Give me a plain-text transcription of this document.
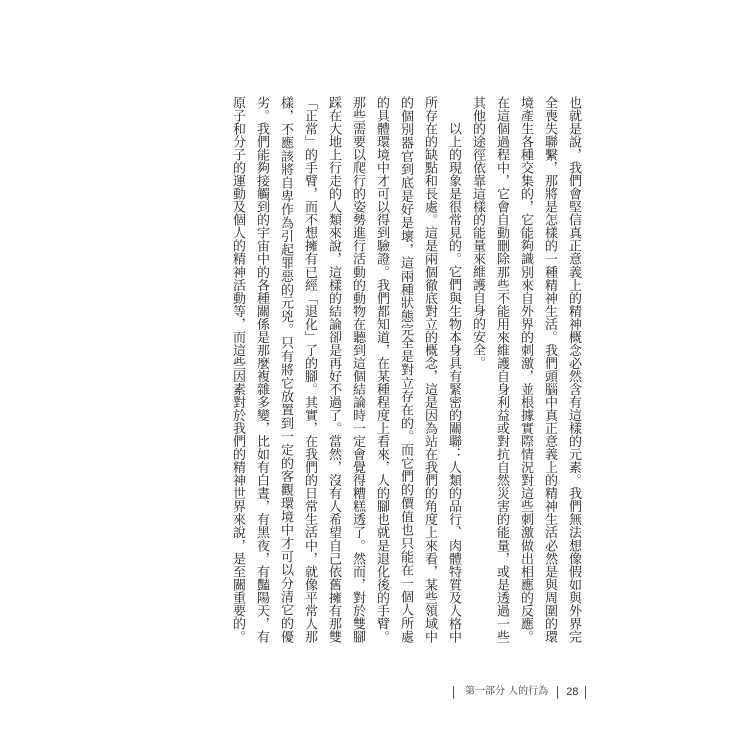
也就是說，我們會堅信真正意義上的精神概念必然含有這樣的元素。我們無法想像假如與外界完
全喪失聯繫，那將是怎樣的一種精神生活。我們頭腦中真正意義上的精神生活必然是與周圍的環
境產生各種交集的，它能夠識別來自外界的刺激，並根據實際情況對這些刺激做出相應的反應。
在這個過程中，它會自動刪除那些不能用來維護自身利益或對抗自然災害的能量，或是透過一些
其他的途徑依靠這樣的能量來維護自身的安全。
以上的現象是很常見的。它們與生物本身具有緊密的關聯：人類的品行、肉體特質及人格中
所存在的缺點和長處。這是兩個徹底對立的概念，這是因為站在我們的角度上來看，某些領域中
的個別器官到底是好是壞，這兩種狀態完全是對立存在的。而它們的價值也只能在一個人所處
的具體環境中才可以得到驗證。我們都知道，在某種程度上看來，人的腳也就是退化後的手臂。
那些需要以爬行的姿勢進行活動的動物在聽到這個結論時一定會覺得糟糕透了。然而，對於雙腳
踩在大地上行走的人類來說，這樣的結論卻是再好不過了。當然，沒有人希望自己依舊擁有那雙
「正常」的手臂，而不想擁有已經「退化」了的腳。其實，在我們的日常生活中，就像平常人那
樣，不應該將自卑作為引起罪惡的元兇。只有將它放置到一定的客觀環境中才可以分清它的優
劣。我們能夠接觸到的宇宙中的各種關係是那麼複雜多變，比如有白晝，有黑夜，有豔陽天，有
原子和分子的運動及個人的精神活動等，而這些因素對於我們的精神世界來說，是至關重要的。
第一部分 人的行為 28
